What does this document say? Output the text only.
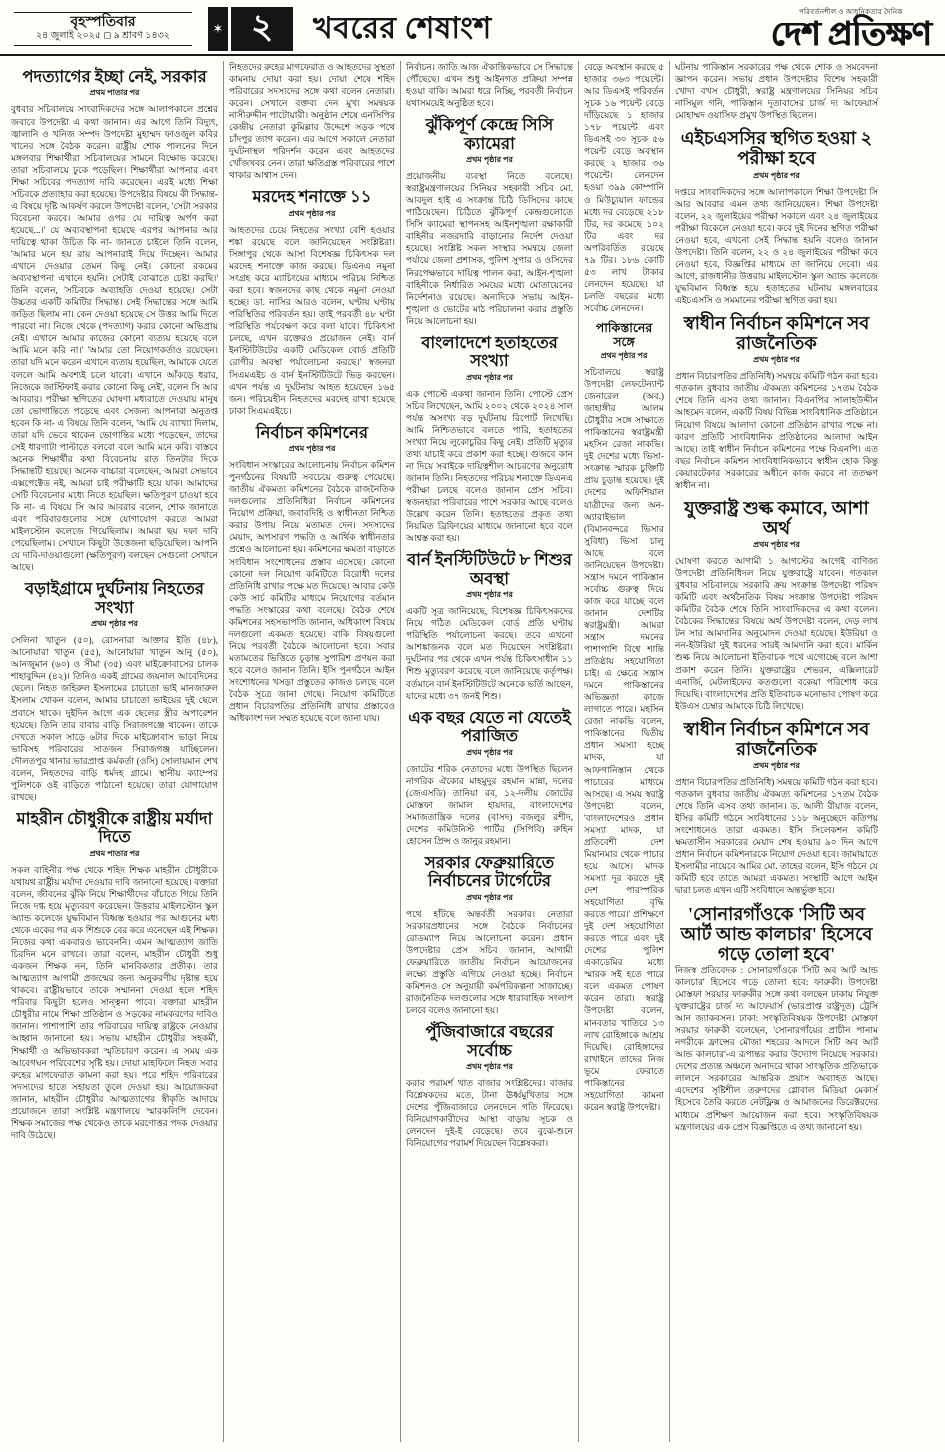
বৃহস্পতিবার
২৪ জুলাই ২০২৫ ◻ ৯ শ্রাবণ ১৪৩২	✶ ২ খবরের শেষাংশ	পরিবর্তনশীল ও আধুনিকতার দৈনিক
দেশ প্রতিক্ষণ
পদত্যাগের ইচ্ছা নেই, সরকার
প্রথম পাতার পর

বুধবার সচিবালয়ে সাংবাদিকদের সঙ্গে আলাপকালে প্রশ্নের জবাবে উপদেষ্টা এ কথা জানান। এর আগে তিনি বিদ্যুৎ, জ্বালানি ও খনিজ সম্পদ উপদেষ্টা মুহাম্মদ ফাওজুল কবির খানের সঙ্গে বৈঠক করেন। রাষ্ট্রীয় শোক পালনের দিনে মঙ্গলবার শিক্ষার্থীরা সচিবালয়ের সামনে বিক্ষোভ করেছে। তারা সচিবালয়ে ঢুকে পড়েছিল। শিক্ষার্থীরা আপনার এবং শিক্ষা সচিবের পদত্যাগ দাবি করেছেন। এরই মধ্যে শিক্ষা সচিবকে প্রত্যাহার করা হয়েছে। উপদেষ্টার বিষয়ে কী সিদ্ধান্ত- এ বিষয়ে দৃষ্টি আকর্ষণ করলে উপদেষ্টা বলেন, 'সেটা সরকার বিবেচনা করবে। আমার ওপর যে দায়িত্ব অর্পণ করা হয়েছে...।' যে অব্যবস্থাপনা হয়েছে এরপর আপনার আর দায়িত্বে থাকা উচিত কি না- জানতে চাইলে তিনি বলেন, 'আমার মনে হয় রায় আপনারাই দিয়ে দিচ্ছেন। আমার এখানে দেওয়ার তেমন কিছু নেই। কোনো রকমের অব্যবস্থাপনা এখানে হয়নি। সেটাই বোঝাতে চেষ্টা করছি।' তিনি বলেন, 'সচিবকে অব্যাহতি দেওয়া হয়েছে। সেটা উচ্চতর একটি কমিটির সিদ্ধান্ত। সেই সিদ্ধান্তের সঙ্গে আমি জড়িত ছিলাম না। কেন দেওয়া হয়েছে সে উত্তর আমি দিতে পারবো না। নিজে থেকে (পদত্যাগ) করার কোনো অভিপ্রায় নেই। এখানে আমার কাজের কোনো ব্যত্যয় হয়েছে বলে আমি মনে করি না।' 'আমার তো নিয়োগকর্তাও রয়েছেন। তারা যদি মনে করেন এখানে ব্যত্যয় হয়েছিল, আমাকে যেতে বললে আমি অবশ্যই চলে যাবো। এখানে আঁকড়ে ধরার, নিজেকে জাস্টিফাই করার কোনো কিছু নেই', বলেন সি আর আবরার। পরীক্ষা স্থগিতের ঘোষণা মধ্যরাতে দেওয়ায় মানুষ তো ভোগান্তিতে পড়েছে এবং সেজন্য আপনারা অনুতপ্ত হবেন কি না- এ বিষয়ে তিনি বলেন, 'আমি যে ব্যাখ্যা দিলাম, তারা যদি ভেবে থাকেন ভোগান্তির মধ্যে পড়েছেন, তাদের সেই ধারণাটা পাল্টাতে বলবো বলে আমি মনে করি। বাস্তবে অনেক শিক্ষার্থীর কথা বিবেচনায় রাত তিনটার দিকে সিদ্ধান্তটি হয়েছে। অনেক বাচ্চারা বলেছেন, আমরা সেভাবে এক্সপেক্টেড নই, আমরা চাই পরীক্ষাটি হয়ে যাক। আমাদের সেটি বিবেচনার মধ্যে নিতে হয়েছিল। ক্ষতিপূরণ চাওয়া হবে কি না- এ বিষয়ে সি আর আবরার বলেন, শোক জানাতে এবং পরিবারগুলোর সঙ্গে যোগাযোগ করতে আমরা মাইলস্টোন কলেজে গিয়েছিলাম। আমরা ছয় দফা দাবি পেয়েছিলাম। সেখানে কিছুটা উত্তেজনা ছড়িয়েছিল। আপনি যে দাবি-দাওয়াগুলো (ক্ষতিপূরণ) বলছেন সেগুলো সেখানে আছে।

বড়াইগ্রামে দুর্ঘটনায় নিহতের সংখ্যা
প্রথম পৃষ্ঠার পর

সেলিনা খাতুন (৫০), রোসনারা আক্তার ইতি (৪৮), আনোয়ারা খাতুন (৫৫), আনোয়ারা খাতুন আনু (৫০), আনজুমান (৬০) ও সীমা (৩৫) এবং মাইক্রোবাসের চালক শাহাবুদ্দিন (৪২)। তিনিও একই গ্রামের জয়নাল আবেদিনের ছেলে। নিহত জহিরুল ইসলামের চাচাতো ভাই মানজারুল ইসলাম খোকন বলেন, আমার চাচাতো ভাইয়ের দুই ছেলে প্রবাসে থাকে। দুইদিন আগে এক ছেলের স্ত্রীর অপারেশন হয়েছে। তিনি তার বাবার বাড়ি সিরাজগঞ্জে থাকেন। তাকে দেখতে সকাল সাড়ে ৬টার দিকে মাইক্রোবাস ভাড়া নিয়ে ভাবিসহ পরিবারের সাতজন সিরাজগঞ্জ যাচ্ছিলেন। দৌলতপুর থানার ভারপ্রাপ্ত কর্মকর্তা (ওসি) সোলায়মান শেখ বলেন, নিহতদের বাড়ি ধর্মদহ গ্রামে। স্থানীয় ক্যাম্পের পুলিশকে ওই বাড়িতে পাঠানো হয়েছে। তারা যোগাযোগ রাখছে।

মাহরীন চৌধুরীকে রাষ্ট্রীয় মর্যাদা দিতে
প্রথম পাতার পর

সকল বাহিনীর পক্ষ থেকে শহিদ শিক্ষক মাহরীন চৌধুরীকে যথাযথ রাষ্ট্রীয় মর্যাদা দেওয়ার দাবি জানানো হয়েছে। বক্তারা বলেন, জীবনের ঝুঁকি নিয়ে শিক্ষার্থীদের বাঁচাতে গিয়ে তিনি নিজে দগ্ধ হয়ে মৃত্যুবরণ করেছেন। উত্তরার মাইলস্টোন স্কুল অ্যান্ড কলেজে যুদ্ধবিমান বিধ্বস্ত হওয়ার পর আগুনের মধ্য থেকে একের পর এক শিশুকে বের করে এনেছেন এই শিক্ষক। নিজের কথা একবারও ভাবেননি। এমন আত্মত্যাগ জাতি চিরদিন মনে রাখবে। তারা বলেন, মাহরীন চৌধুরী শুধু একজন শিক্ষক নন, তিনি মানবিকতার প্রতীক। তার আত্মত্যাগ আগামী প্রজন্মের জন্য অনুকরণীয় দৃষ্টান্ত হয়ে থাকবে। রাষ্ট্রীয়ভাবে তাকে সম্মাননা দেওয়া হলে শহিদ পরিবার কিছুটা হলেও সান্ত্বনা পাবে। বক্তারা মাহরীন চৌধুরীর নামে শিক্ষা প্রতিষ্ঠান ও সড়কের নামকরণের দাবিও জানান। পাশাপাশি তার পরিবারের দায়িত্ব রাষ্ট্রকে নেওয়ার আহ্বান জানানো হয়। সভায় মাহরীন চৌধুরীর সহকর্মী, শিক্ষার্থী ও অভিভাবকরা স্মৃতিচারণ করেন। এ সময় এক আবেগঘন পরিবেশের সৃষ্টি হয়। দোয়া মাহফিলে নিহত সবার রুহের মাগফেরাত কামনা করা হয়। পরে শহিদ পরিবারের সদস্যদের হাতে সহায়তা তুলে দেওয়া হয়। আয়োজকরা জানান, মাহরীন চৌধুরীর আত্মত্যাগের স্বীকৃতি আদায়ে প্রয়োজনে তারা সংশ্লিষ্ট মন্ত্রণালয়ে স্মারকলিপি দেবেন। শিক্ষক সমাজের পক্ষ থেকেও তাকে মরণোত্তর পদক দেওয়ার দাবি উঠেছে।

নিহতদের রুহের মাগফেরাত ও আহতদের সুস্থতা কামনায় দোয়া করা হয়। দোয়া শেষে শহিদ পরিবারের সদস্যদের সঙ্গে কথা বলেন নেতারা। করেন। সেখানে বক্তব্য দেন মুখ্য সমন্বয়ক নাসীরুদ্দীন পাটোয়ারী। অনুষ্ঠান শেষে এনসিপির কেন্দ্রীয় নেতারা কুমিল্লার উদ্দেশে সড়ক পথে চাঁদপুর ত্যাগ করেন। এর আগে সকালে নেতারা দুর্ঘটনাস্থল পরিদর্শন করেন এবং আহতদের খোঁজখবর নেন। তারা ক্ষতিগ্রস্ত পরিবারের পাশে থাকার আশ্বাস দেন।

মরদেহ শনাক্তে ১১
প্রথম পৃষ্ঠার পর

আহতদের চেয়ে নিহতের সংখ্যা বেশি হওয়ার শঙ্কা রয়েছে বলে জানিয়েছেন সংশ্লিষ্টরা। সিঙ্গাপুর থেকে আসা বিশেষজ্ঞ চিকিৎসক দল মরদেহ শনাক্তে কাজ করছে। ডিএনএ নমুনা সংগ্রহ করে ম্যাচিংয়ের মাধ্যমে পরিচয় নিশ্চিত করা হবে। স্বজনদের কাছ থেকে নমুনা নেওয়া হচ্ছে। ডা. নাসির আরও বলেন, ঘণ্টায় ঘণ্টায় পরিস্থিতির পরিবর্তন হয়। তাই পরবর্তী ৪৮ ঘণ্টা পরিস্থিতি পর্যবেক্ষণ করে বলা যাবে। 'চিকিৎসা চলছে, এখন রক্তেরও প্রয়োজন নেই। বার্ন ইনস্টিটিউটের একটি মেডিকেল বোর্ড প্রতিটি রোগীর অবস্থা পর্যালোচনা করছে।' স্বজনরা সিএমএইচ ও বার্ন ইনস্টিটিউটে ভিড় করছেন। এখন পর্যন্ত এ দুর্ঘটনায় আহত হয়েছেন ১৬৫ জন। পরিচয়হীন নিহতদের মরদেহ রাখা হয়েছে ঢাকা সিএমএইচে।

নির্বাচন কমিশনের
প্রথম পৃষ্ঠার পর

সংবিধান সংস্কারের আলোচনায় নির্বাচন কমিশন পুনর্গঠনের বিষয়টি সবচেয়ে গুরুত্ব পেয়েছে। জাতীয় ঐকমত্য কমিশনের বৈঠকে রাজনৈতিক দলগুলোর প্রতিনিধিরা নির্বাচন কমিশনের নিয়োগ প্রক্রিয়া, জবাবদিহি ও স্বাধীনতা নিশ্চিত করার উপায় নিয়ে মতামত দেন। সদস্যদের মেয়াদ, অপসারণ পদ্ধতি ও আর্থিক স্বাধীনতার প্রশ্নেও আলোচনা হয়। কমিশনের ক্ষমতা বাড়াতে সংবিধান সংশোধনের প্রস্তাব এসেছে। কোনো কোনো দল নিয়োগ কমিটিতে বিরোধী দলের প্রতিনিধি রাখার পক্ষে মত দিয়েছে। আবার কেউ কেউ সার্চ কমিটির মাধ্যমে নিয়োগের বর্তমান পদ্ধতি সংস্কারের কথা বলেছে। বৈঠক শেষে কমিশনের সহসভাপতি জানান, অধিকাংশ বিষয়ে দলগুলো একমত হয়েছে। বাকি বিষয়গুলো নিয়ে পরবর্তী বৈঠকে আলোচনা হবে। সবার মতামতের ভিত্তিতে চূড়ান্ত সুপারিশ প্রণয়ন করা হবে বলেও জানান তিনি। ইসি পুনর্গঠনে আইন সংশোধনের খসড়া প্রস্তুতের কাজও চলছে বলে বৈঠক সূত্রে জানা গেছে। নিয়োগ কমিটিতে প্রধান বিচারপতির প্রতিনিধি রাখার প্রস্তাবেও অধিকাংশ দল সম্মত হয়েছে বলে জানা যায়।

নির্বাচন। জাতি আজ ঐকান্তিকভাবে সে সিদ্ধান্তে পৌঁছেছে। এখন শুধু আইনগত প্রক্রিয়া সম্পন্ন হওয়া বাকি। আমরা ধরে নিচ্ছি, পরবর্তী নির্বাচন যথাসময়েই অনুষ্ঠিত হবে।

ঝুঁকিপূর্ণ কেন্দ্রে সিসি ক্যামেরা
প্রথম পৃষ্ঠার পর

প্রয়োজনীয় ব্যবস্থা নিতে বলেছে। স্বরাষ্ট্রমন্ত্রণালয়ের সিনিয়র সহকারী সচিব মো. আবদুল হাই এ সংক্রান্ত চিঠি ডিসিদের কাছে পাঠিয়েছেন। চিঠিতে ঝুঁকিপূর্ণ কেন্দ্রগুলোতে সিসি ক্যামেরা স্থাপনসহ আইনশৃঙ্খলা রক্ষাকারী বাহিনীর নজরদারি বাড়ানোর নির্দেশ দেওয়া হয়েছে। সংশ্লিষ্ট সকল সংস্থার সমন্বয়ে জেলা পর্যায়ে জেলা প্রশাসক, পুলিশ সুপার ও ওসিদের নিরপেক্ষভাবে দায়িত্ব পালন করা, আইন-শৃঙ্খলা বাহিনীকে নির্ধারিত সময়ের মধ্যে মোতায়েনের নির্দেশনাও রয়েছে। অন্যদিকে সভায় আইন-শৃঙ্খলা ও ভোটের মাঠ পরিচালনা করার প্রস্তুতি নিয়ে আলোচনা হয়।

বাংলাদেশে হতাহতের সংখ্যা
প্রথম পৃষ্ঠার পর

এক পোস্টে একথা জানান তিনি। পোস্টে প্রেস সচিব লিখেছেন, আমি ২০০২ থেকে ২০২৪ সাল পর্যন্ত অসংখ্য বড় দুর্ঘটনায় রিপোর্ট লিখেছি। আমি নিশ্চিতভাবে বলতে পারি, হতাহতের সংখ্যা নিয়ে লুকোচুরির কিছু নেই। প্রতিটি মৃত্যুর তথ্য যাচাই করে প্রকাশ করা হচ্ছে। গুজবে কান না দিয়ে সবাইকে দায়িত্বশীল আচরণের অনুরোধ জানান তিনি। নিহতদের পরিচয় শনাক্তে ডিএনএ পরীক্ষা চলছে বলেও জানান প্রেস সচিব। স্বজনহারা পরিবারের পাশে সরকার আছে বলেও উল্লেখ করেন তিনি। হতাহতের প্রকৃত তথ্য নিয়মিত ব্রিফিংয়ের মাধ্যমে জানানো হবে বলে আশ্বস্ত করা হয়।

বার্ন ইনস্টিটিউটে ৮ শিশুর অবস্থা
প্রথম পৃষ্ঠার পর

একটি সূত্র জানিয়েছে, বিশেষজ্ঞ চিকিৎসকদের নিয়ে গঠিত মেডিকেল বোর্ড প্রতি ঘণ্টায় পরিস্থিতি পর্যালোচনা করছে। তবে এখনো আশঙ্কাজনক বলে মত দিয়েছেন সংশ্লিষ্টরা। দুর্ঘটনার পর থেকে এখন পর্যন্ত চিকিৎসাধীন ১১ শিশু মৃত্যুবরণ করেছে বলে জানিয়েছে কর্তৃপক্ষ। বর্তমানে বার্ন ইনস্টিটিউটে অনেকে ভর্তি আছেন, যাদের মধ্যে ৩৭ জনই শিশু।

এক বছর যেতে না যেতেই পরাজিত
প্রথম পৃষ্ঠার পর

জোটের শরিক নেতাদের মধ্যে উপস্থিত ছিলেন নাগরিক ঐক্যের মাহমুদুর রহমান মান্না, দলের (জেএসডি) তানিয়া রব, ১২-দলীয় জোটের মোস্তফা জামাল হায়দার, বাংলাদেশের সমাজতান্ত্রিক দলের (বাসদ) বজলুর রশীদ, দেশের কমিউনিস্ট পার্টির (সিপিবি) রুহিন হোসেন প্রিন্স ও জানুর রহমান।

সরকার ফেব্রুয়ারিতে নির্বাচনের টার্গেটের
প্রথম পৃষ্ঠার পর

পথে হাঁটছে অন্তর্বর্তী সরকার। নেতারা সরকারপ্রধানের সঙ্গে বৈঠকে নির্বাচনের রোডম্যাপ নিয়ে আলোচনা করেন। প্রধান উপদেষ্টার প্রেস সচিব জানান, আগামী ফেব্রুয়ারিতে জাতীয় নির্বাচন আয়োজনের লক্ষ্যে প্রস্তুতি এগিয়ে নেওয়া হচ্ছে। নির্বাচন কমিশনও সে অনুযায়ী কর্মপরিকল্পনা সাজাচ্ছে। রাজনৈতিক দলগুলোর সঙ্গে ধারাবাহিক সংলাপ চলবে বলেও জানানো হয়।

পুঁজিবাজারে বছরের সর্বোচ্চ
প্রথম পৃষ্ঠার পর

করার পরামর্শ খাত বাজার সংশ্লিষ্টদের। বাজার বিশ্লেষকদের মতে, টানা ঊর্ধ্বমুখিতার সঙ্গে দেশের পুঁজিবাজারে লেনদেনে গতি ফিরেছে। বিনিয়োগকারীদের আস্থা বাড়ায় সূচক ও লেনদেন দুই-ই বেড়েছে। তবে বুঝে-শুনে বিনিয়োগের পরামর্শ দিয়েছেন বিশ্লেষকরা।

বেড়ে অবস্থান করছে ৫ হাজার ৩৬৩ পয়েন্টে। আর ডিএসই পরিবর্তন সূচক ১৬ পয়েন্ট বেড়ে দাঁড়িয়েছে ১ হাজার ১৭৮ পয়েন্টে এবং ডিএসই ৩০ সূচক ৫৬ পয়েন্ট বেড়ে অবস্থান করছে ২ হাজার ৩৬ পয়েন্টে। লেনদেন হওয়া ৩৯৯ কোম্পানি ও মিউচ্যুয়াল ফান্ডের মধ্যে দর বেড়েছে ২১৮ টির, দর কমেছে ১০২ টির এবং দর অপরিবর্তিত রয়েছে ৭৯ টির। ১৮৬ কোটি ৫৩ লাখ টাকার লেনদেন হয়েছে। যা চলতি বছরের মধ্যে সর্বোচ্চ লেনদেন।

পাকিস্তানের সঙ্গে
প্রথম পৃষ্ঠার পর

সচিবালয়ে স্বরাষ্ট্র উপদেষ্টা লেফটেন্যান্ট জেনারেল (অব.) জাহাঙ্গীর আলম চৌধুরীর সঙ্গে সাক্ষাতে পাকিস্তানের স্বরাষ্ট্রমন্ত্রী মহসিন রেজা নাকভি। দুই দেশের মধ্যে ভিসা-সংক্রান্ত স্মারক চুক্তিটি প্রায় চূড়ান্ত হয়েছে। দুই দেশের অফিশিয়াল যাত্রীদের জন্য অন-অ্যারাইভাল (বিমানবন্দরে ভিসার সুবিধা) ভিসা চালু আছে বলে জানিয়েছেন উপদেষ্টা। সন্ত্রাস দমনে পাকিস্তান সর্বোচ্চ গুরুত্ব দিয়ে কাজ করে যাচ্ছে বলে জানান দেশটির স্বরাষ্ট্রমন্ত্রী। আমরা সন্ত্রাস দমনের পাশাপাশি বিশ্বে শান্তি প্রতিষ্ঠায় সহযোগিতা চাই। এ ক্ষেত্রে সন্ত্রাস দমনে পাকিস্তানের অভিজ্ঞতা কাজে লাগাতে পারে। মহসিন রেজা নাকভি বলেন, পাকিস্তানের দ্বিতীয় প্রধান সমস্যা হচ্ছে মাদক, যা আফগানিস্তান থেকে পাচারের মাধ্যমে আসছে। এ সময় স্বরাষ্ট্র উপদেষ্টা বলেন, 'বাংলাদেশেরও প্রধান সমস্যা মাদক, যা প্রতিবেশী দেশ মিয়ানমার থেকে পাচার হয়ে আসে। মাদক সমস্যা দূর করতে দুই দেশ পারস্পরিক সহযোগিতা বৃদ্ধি করতে পারে।' প্রশিক্ষণে দুই দেশ সহযোগিতা করতে পারে এবং দুই দেশের পুলিশ একাডেমির মধ্যে স্মারক সই হতে পারে বলে একমত পোষণ করেন তারা। স্বরাষ্ট্র উপদেষ্টা বলেন, মানবতার খাতিরে ১৩ লাখ রোহিঙ্গাকে আশ্রয় দিয়েছি। রোহিঙ্গাদের রাখাইনে তাদের নিজ ভূমে ফেরাতে পাকিস্তানের সহযোগিতা কামনা করেন স্বরাষ্ট্র উপদেষ্টা।

ঘটনায় পাকিস্তান সরকারের পক্ষ থেকে শোক ও সমবেদনা জ্ঞাপন করেন। সভায় প্রধান উপদেষ্টার বিশেষ সহকারী খোদা বখস চৌধুরী, স্বরাষ্ট্র মন্ত্রণালয়ের সিনিয়র সচিব নাসিমুল গনি, পাকিস্তান দূতাবাসের চার্জ দ্য আফেয়ার্স মোহাম্মদ ওয়াসিফ প্রমুখ উপস্থিত ছিলেন।

এইচএসসির স্থগিত হওয়া ২ পরীক্ষা হবে
প্রথম পৃষ্ঠার পর

দপ্তরে সাংবাদিকদের সঙ্গে আলাপকালে শিক্ষা উপদেষ্টা সি আর আবরার এমন তথ্য জানিয়েছেন। শিক্ষা উপদেষ্টা বলেন, ২২ জুলাইয়ের পরীক্ষা সকালে এবং ২৪ জুলাইয়ের পরীক্ষা বিকেলে নেওয়া হবে। কবে দুই দিনের স্থগিত পরীক্ষা নেওয়া হবে, এখনো সেই সিদ্ধান্ত হয়নি বলেও জানান উপদেষ্টা। তিনি বলেন, ২২ ও ২৪ জুলাইয়ের পরীক্ষা কবে নেওয়া হবে, বিজ্ঞপ্তির মাধ্যমে তা জানিয়ে দেবো। এর আগে, রাজধানীর উত্তরায় মাইলস্টোন স্কুল অ্যান্ড কলেজে যুদ্ধবিমান বিধ্বস্ত হয়ে হতাহতের ঘটনায় মঙ্গলবারের এইচএসসি ও সমমানের পরীক্ষা স্থগিত করা হয়।

স্বাধীন নির্বাচন কমিশনে সব রাজনৈতিক
প্রথম পৃষ্ঠার পর

প্রধান বিচারপতির প্রতিনিধি) সমন্বয়ে কমিটি গঠন করা হবে। গতকাল বুধবার জাতীয় ঐকমত্য কমিশনের ১৭তম বৈঠক শেষে তিনি এসব তথ্য জানান। বিএনপির সালাহউদ্দীন আহমেদ বলেন, একটি বিষয় বিভিন্ন সাংবিধানিক প্রতিষ্ঠানে নিয়োগ বিষয়ে আলাদা কোনো প্রতিষ্ঠান রাখার পক্ষে না। কারণ প্রতিটি সাংবিধানিক প্রতিষ্ঠানের আলাদা আইন আছে। তাই স্বাধীন নির্বাচন কমিশনের পক্ষে বিএনপি। এত বছর নির্বাচন কমিশন সাংবিধানিকভাবে স্বাধীন হোক কিন্তু কেয়ারটেকার সরকারের অধীনে কাজ করবে না ততক্ষণ স্বাধীন না।

যুক্তরাষ্ট্র শুল্ক কমাবে, আশা অর্থ
প্রথম পৃষ্ঠার পর

ঘোষণা করতে আগামী ১ আগস্টের আগেই বাণিজ্য উপদেষ্টা প্রতিনিধিদল নিয়ে যুক্তরাষ্ট্রে যাবেন। গতকাল বুধবার সচিবালয়ে সরকারি ক্রয় সংক্রান্ত উপদেষ্টা পরিষদ কমিটি এবং অর্থনৈতিক বিষয় সংক্রান্ত উপদেষ্টা পরিষদ কমিটির বৈঠক শেষে তিনি সাংবাদিকদের এ কথা বলেন। বৈঠকের সিদ্ধান্তের বিষয়ে অর্থ উপদেষ্টা বলেন, দেড় লাখ টন সার আমদানির অনুমোদন দেওয়া হয়েছে। ইউরিয়া ও নন-ইউরিয়া দুই ধরনের সারই আমদানি করা হবে। মার্কিন শুল্ক নিয়ে আলোচনা ইতিবাচক পথে এগোচ্ছে বলে আশা প্রকাশ করেন তিনি। যুক্তরাষ্ট্রের শেভরন, এক্সিলারেট এনার্জি, মেটলাইফের কতগুলো বকেয়া পরিশোধ করে দিয়েছি। বাংলাদেশের প্রতি ইতিবাচক মনোভাব পোষণ করে ইউএস চেম্বার আমাকে চিঠি লিখেছে।

স্বাধীন নির্বাচন কমিশনে সব রাজনৈতিক
প্রথম পৃষ্ঠার পর

প্রধান বিচারপতির প্রতিনিধি) সমন্বয়ে কমিটি গঠন করা হবে। গতকাল বুধবার জাতীয় ঐকমত্য কমিশনের ১৭তম বৈঠক শেষে তিনি এসব তথ্য জানান। ড. আলী রীয়াজ বলেন, ইসির কমিটি গঠনে সংবিধানের ১১৮ অনুচ্ছেদে কতিপয় সংশোধনেও তারা একমত। ইসি সিলেকশন কমিটি ক্ষমতাসীন সরকারের মেয়াদ শেষ হওয়ার ৯০ দিন আগে প্রধান নির্বাচন কমিশনারকে নিয়োগ দেওয়া হবে। জামায়াতে ইসলামীর নায়েবে আমির মো. তাহের বলেন, ইসি গঠনে যে কমিটি হবে তাতে আমরা একমত। সংস্থাটি আগে আইন দ্বারা চলত এখন এটি সংবিধানে অন্তর্ভুক্ত হবে।

'সোনারগাঁওকে 'সিটি অব আর্ট আন্ড কালচার' হিসেবে গড়ে তোলা হবে'

নিজস্ব প্রতিবেদক : সোনারগাঁওকে 'সিটি অব আর্ট আন্ড কালচার' হিসেবে গড়ে তোলা হবে: ফারুকী। উপদেষ্টা মোস্তফা সরয়ার ফারুকীর সঙ্গে কথা বলছেন ঢাকায় নিযুক্ত যুক্তরাষ্ট্রের চার্জ দ্য আফেয়ার্স (ভারপ্রাপ্ত রাষ্ট্রদূত) ট্রেসি আন জ্যাকবসন। ঢাকা: সংস্কৃতিবিষয়ক উপদেষ্টা মোস্তফা সরয়ার ফারুকী বলেছেন, 'সোনারগাঁয়ের প্রাচীন পানাম নগরীকে ফ্রান্সের মৌজা শহরের আদলে সিটি অব আর্ট আন্ড কালচার'-এ রূপান্তর করার উদ্যোগ নিয়েছে সরকার। দেশের প্রত্যন্ত অঞ্চলে অনাদরে থাকা সাংস্কৃতিক প্রতিভাকে লালনে সরকারের আন্তরিক প্রয়াস অব্যাহত আছে। এদেশের সৃষ্টিশীল তরুণদের গ্লোবাল মিডিয়া মেকার্স হিসেবে তৈরি করতে নেটফ্লিক্স ও আমাজনের ডিরেক্টরদের মাধ্যমে প্রশিক্ষণ আয়োজন করা হবে। সংস্কৃতিবিষয়ক মন্ত্রণালয়ের এক প্রেস বিজ্ঞপ্তিতে এ তথ্য জানানো হয়।
